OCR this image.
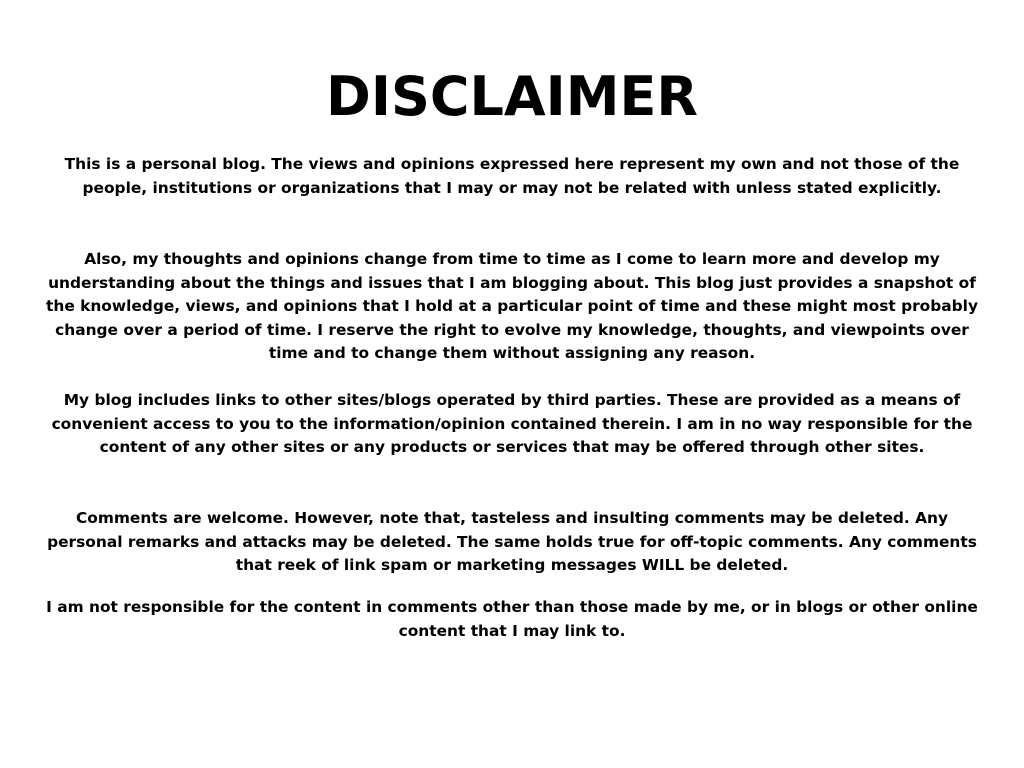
DISCLAIMER

This is a personal blog. The views and opinions expressed here represent my own and not those of the people, institutions or organizations that I may or may not be related with unless stated explicitly.

Also, my thoughts and opinions change from time to time as I come to learn more and develop my understanding about the things and issues that I am blogging about. This blog just provides a snapshot of the knowledge, views, and opinions that I hold at a particular point of time and these might most probably change over a period of time. I reserve the right to evolve my knowledge, thoughts, and viewpoints over time and to change them without assigning any reason.

My blog includes links to other sites/blogs operated by third parties. These are provided as a means of convenient access to you to the information/opinion contained therein. I am in no way responsible for the content of any other sites or any products or services that may be offered through other sites.

Comments are welcome. However, note that, tasteless and insulting comments may be deleted. Any personal remarks and attacks may be deleted. The same holds true for off-topic comments. Any comments that reek of link spam or marketing messages WILL be deleted.

I am not responsible for the content in comments other than those made by me, or in blogs or other online content that I may link to.
